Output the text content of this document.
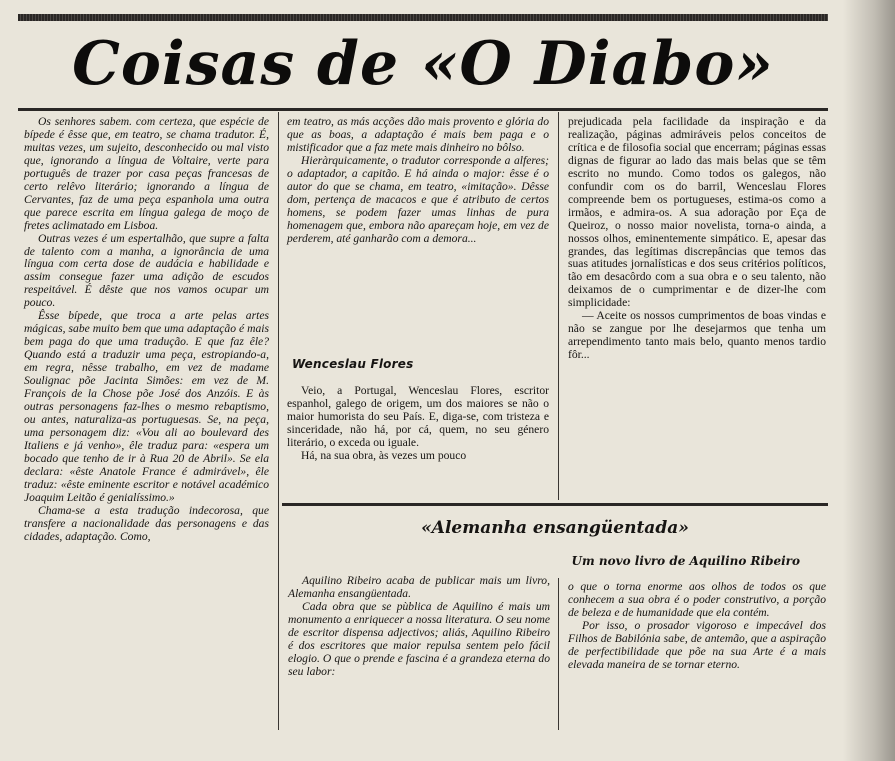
Coisas de «O Diabo»

Os senhores sabem. com certeza, que espécie de bípede é êsse que, em teatro, se chama tradutor. É, muitas vezes, um sujeito, desconhecido ou mal visto que, ignorando a língua de Voltaire, verte para português de trazer por casa peças francesas de certo relêvo literário; ignorando a língua de Cervantes, faz de uma peça espanhola uma outra que parece escrita em língua galega de moço de fretes aclimatado em Lisboa.

Outras vezes é um espertalhão, que supre a falta de talento com a manha, a ignorância de uma língua com certa dose de audácia e habilidade e assim consegue fazer uma adição de escudos respeitável. É dêste que nos vamos ocupar um pouco.

Êsse bípede, que troca a arte pelas artes mágicas, sabe muito bem que uma adaptação é mais bem paga do que uma tradução. E que faz êle? Quando está a traduzir uma peça, estropiando-a, em regra, nêsse trabalho, em vez de madame Soulignac põe Jacinta Simões: em vez de M. François de la Chose põe José dos Anzóis. E às outras personagens faz-lhes o mesmo rebaptismo, ou antes, naturaliza-as portuguesas. Se, na peça, uma personagem diz: «Vou ali ao boulevard des Italiens e já venho», êle traduz para: «espera um bocado que tenho de ir à Rua 20 de Abril». Se ela declara: «êste Anatole France é admirável», êle traduz: «êste eminente escritor e notável académico Joaquim Leitão é genialíssimo.»

Chama-se a esta tradução indecorosa, que transfere a nacionalidade das personagens e das cidades, adaptação. Como,

em teatro, as más acções dão mais provento e glória do que as boas, a adaptação é mais bem paga e o mistificador que a faz mete mais dinheiro no bôlso.

Hieràrquicamente, o tradutor corresponde a alferes; o adaptador, a capitão. E há ainda o major: êsse é o autor do que se chama, em teatro, «imitação». Dêsse dom, pertença de macacos e que é atributo de certos homens, se podem fazer umas linhas de pura homenagem que, embora não apareçam hoje, em vez de perderem, até ganharão com a demora...

Wenceslau Flores

Veio, a Portugal, Wenceslau Flores, escritor espanhol, galego de origem, um dos maiores se não o maior humorista do seu País. E, diga-se, com tristeza e sinceridade, não há, por cá, quem, no seu género literário, o exceda ou iguale.

Há, na sua obra, às vezes um pouco

prejudicada pela facilidade da inspiração e da realização, páginas admiráveis pelos conceitos de crítica e de filosofia social que encerram; páginas essas dignas de figurar ao lado das mais belas que se têm escrito no mundo. Como todos os galegos, não confundir com os do barril, Wenceslau Flores compreende bem os portugueses, estima-os como a irmãos, e admira-os. A sua adoração por Eça de Queiroz, o nosso maior novelista, torna-o ainda, a nossos olhos, eminentemente simpático. E, apesar das grandes, das legítimas discrepâncias que temos das suas atitudes jornalísticas e dos seus critérios políticos, tão em desacôrdo com a sua obra e o seu talento, não deixamos de o cumprimentar e de dizer-lhe com simplicidade:

— Aceite os nossos cumprimentos de boas vindas e não se zangue por lhe desejarmos que tenha um arrependimento tanto mais belo, quanto menos tardio fôr...

«Alemanha ensangüentada»
Um novo livro de Aquilino Ribeiro

Aquilino Ribeiro acaba de publicar mais um livro, Alemanha ensangüentada.

Cada obra que se pùblica de Aquilino é mais um monumento a enriquecer a nossa literatura. O seu nome de escritor dispensa adjectivos; aliás, Aquilino Ribeiro é dos escritores que maior repulsa sentem pelo fácil elogio. O que o prende e fascina é a grandeza eterna do seu labor:

o que o torna enorme aos olhos de todos os que conhecem a sua obra é o poder construtivo, a porção de beleza e de humanidade que ela contém.

Por isso, o prosador vigoroso e impecável dos Filhos de Babilónia sabe, de antemão, que a aspiração de perfectibilidade que põe na sua Arte é a mais elevada maneira de se tornar eterno.
